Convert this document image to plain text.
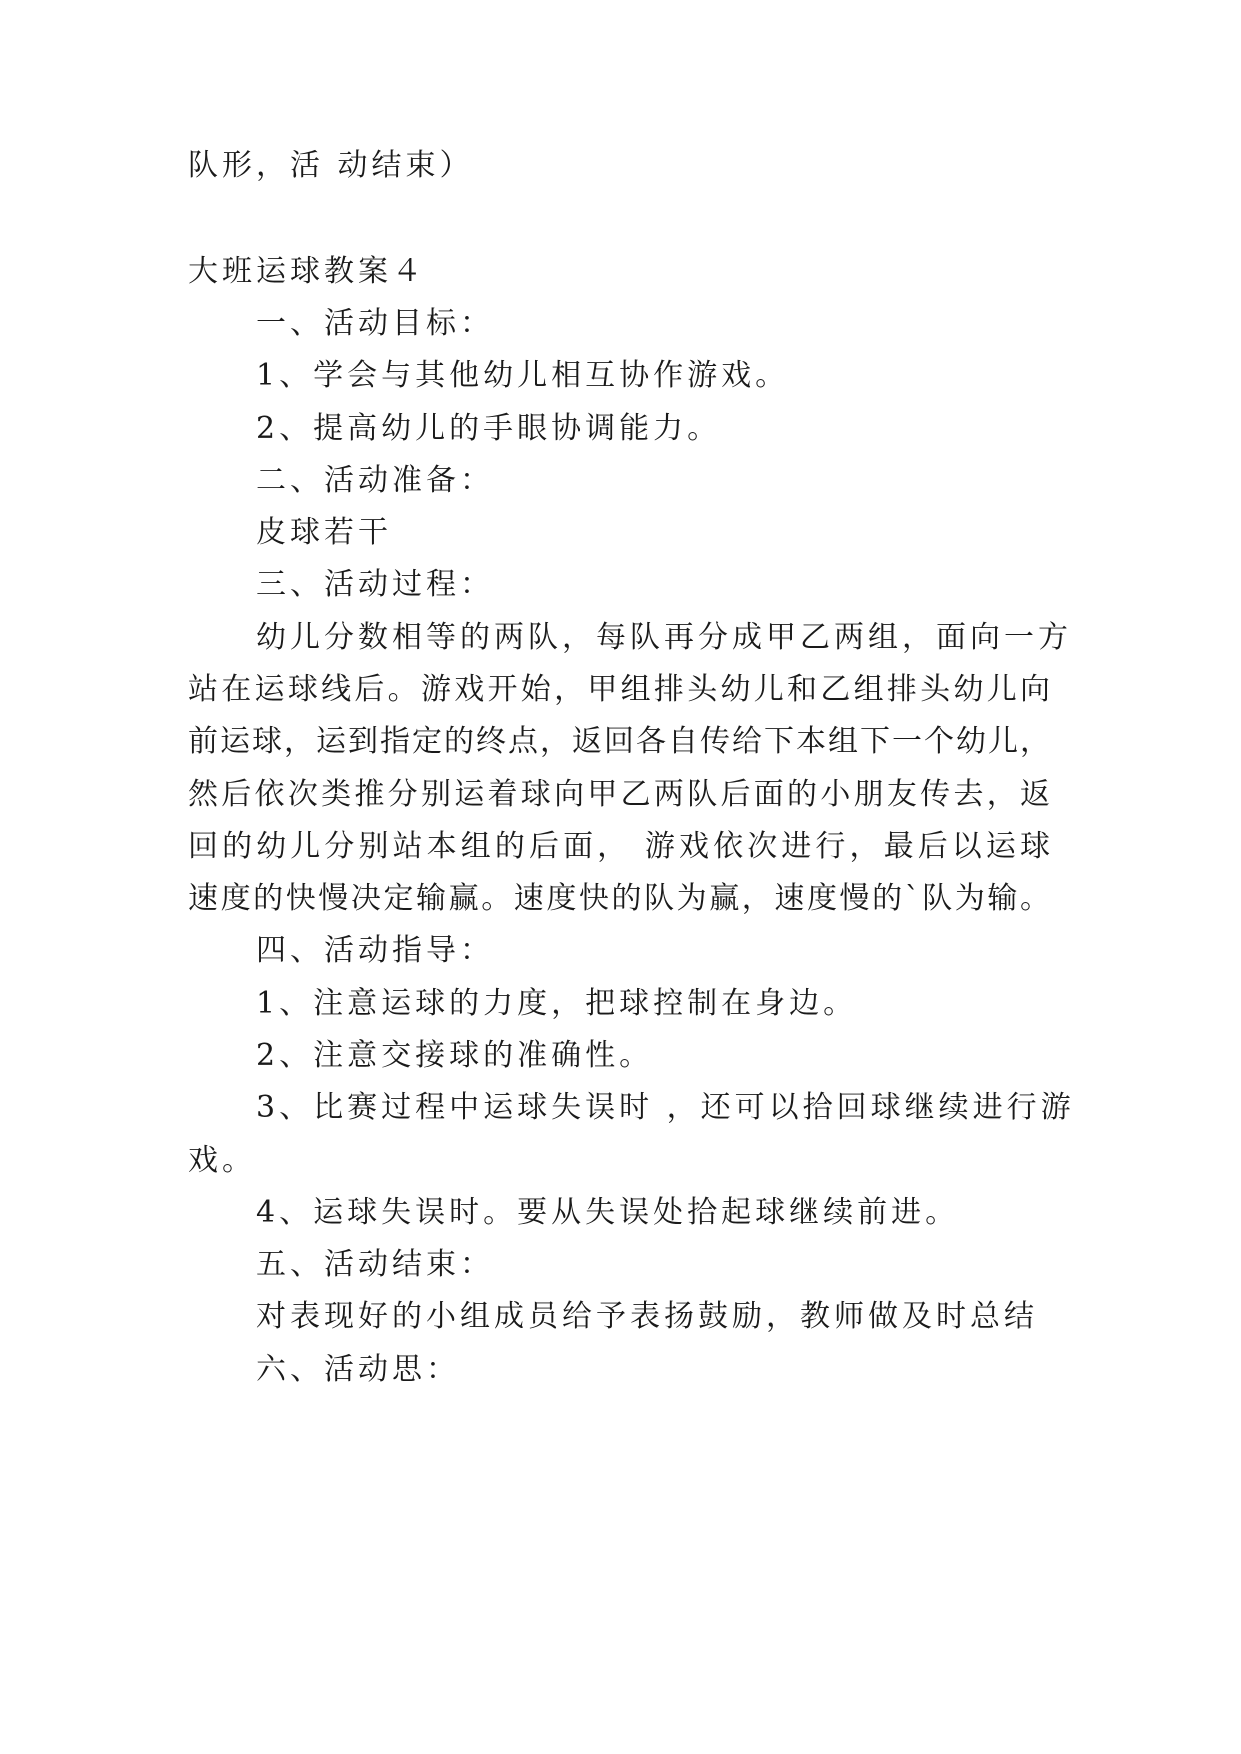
队形，活 动结束）
大班运球教案４
一、活动目标：
1、学会与其他幼儿相互协作游戏。
2、提高幼儿的手眼协调能力。
二、活动准备：
皮球若干
三、活动过程：
幼儿分数相等的两队，每队再分成甲乙两组，面向一方
站在运球线后。游戏开始，甲组排头幼儿和乙组排头幼儿向
前运球，运到指定的终点，返回各自传给下本组下一个幼儿，
然后依次类推分别运着球向甲乙两队后面的小朋友传去，返
回的幼儿分别站本组的后面， 游戏依次进行，最后以运球
速度的快慢决定输赢。速度快的队为赢，速度慢的`队为输。
四、活动指导：
1、注意运球的力度，把球控制在身边。
2、注意交接球的准确性。
3、比赛过程中运球失误时 ，还可以拾回球继续进行游
戏。
4、运球失误时。要从失误处拾起球继续前进。
五、活动结束：
对表现好的小组成员给予表扬鼓励，教师做及时总结
六、活动思：
